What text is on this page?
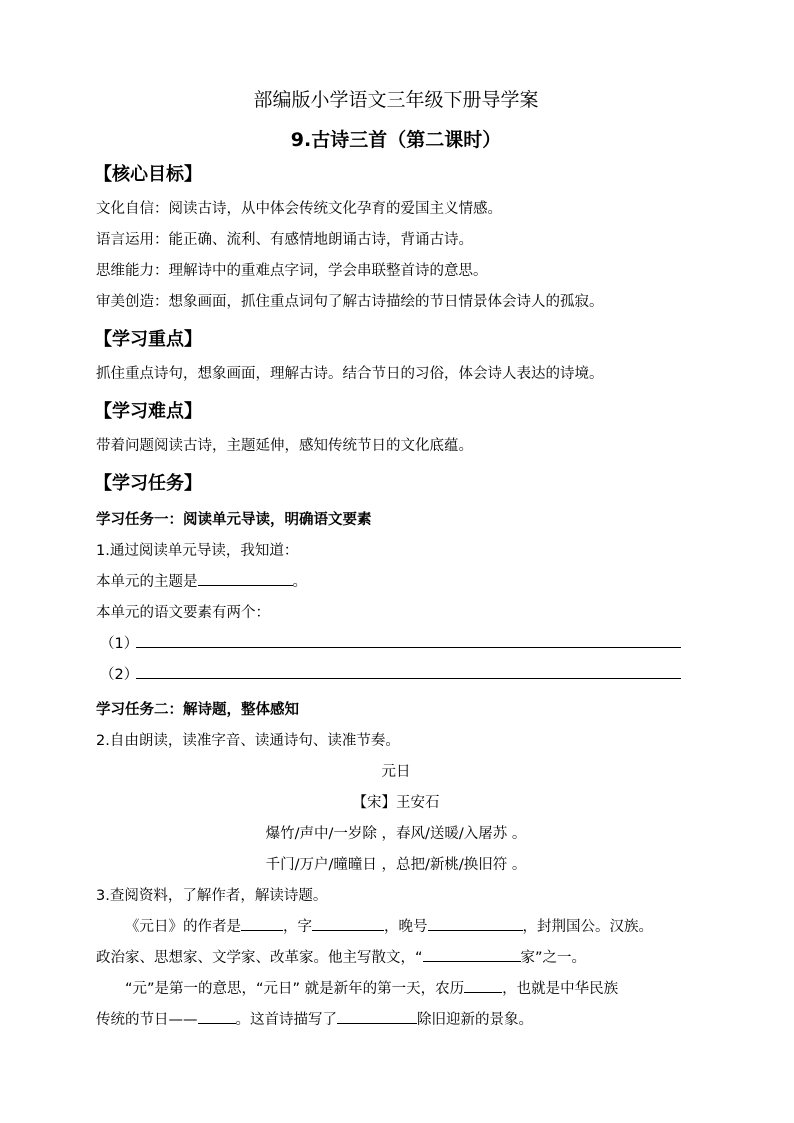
部编版小学语文三年级下册导学案
9.古诗三首（第二课时）
【核心目标】
文化自信：阅读古诗，从中体会传统文化孕育的爱国主义情感。
语言运用：能正确、流利、有感情地朗诵古诗，背诵古诗。
思维能力：理解诗中的重难点字词，学会串联整首诗的意思。
审美创造：想象画面，抓住重点词句了解古诗描绘的节日情景体会诗人的孤寂。
【学习重点】
抓住重点诗句，想象画面，理解古诗。结合节日的习俗，体会诗人表达的诗境。
【学习难点】
带着问题阅读古诗，主题延伸，感知传统节日的文化底蕴。
【学习任务】
学习任务一：阅读单元导读，明确语文要素
1.通过阅读单元导读，我知道：
本单元的主题是	。
本单元的语文要素有两个：
（1）
（2）
学习任务二：解诗题，整体感知
2.自由朗读，读准字音、读通诗句、读准节奏。
元日
【宋】王安石
爆竹/声中/一岁除 ，春风/送暖/入屠苏 。
千门/万户/曈曈日 ，总把/新桃/换旧符 。
3.查阅资料，了解作者，解读诗题。
《元日》的作者是	，字	，晚号	，封荆国公。汉族。
政治家、思想家、文学家、改革家。他主写散文，“	家”之一。
“元”是第一的意思，“元日” 就是新年的第一天，农历	，也就是中华民族
传统的节日——	。这首诗描写了	除旧迎新的景象。
